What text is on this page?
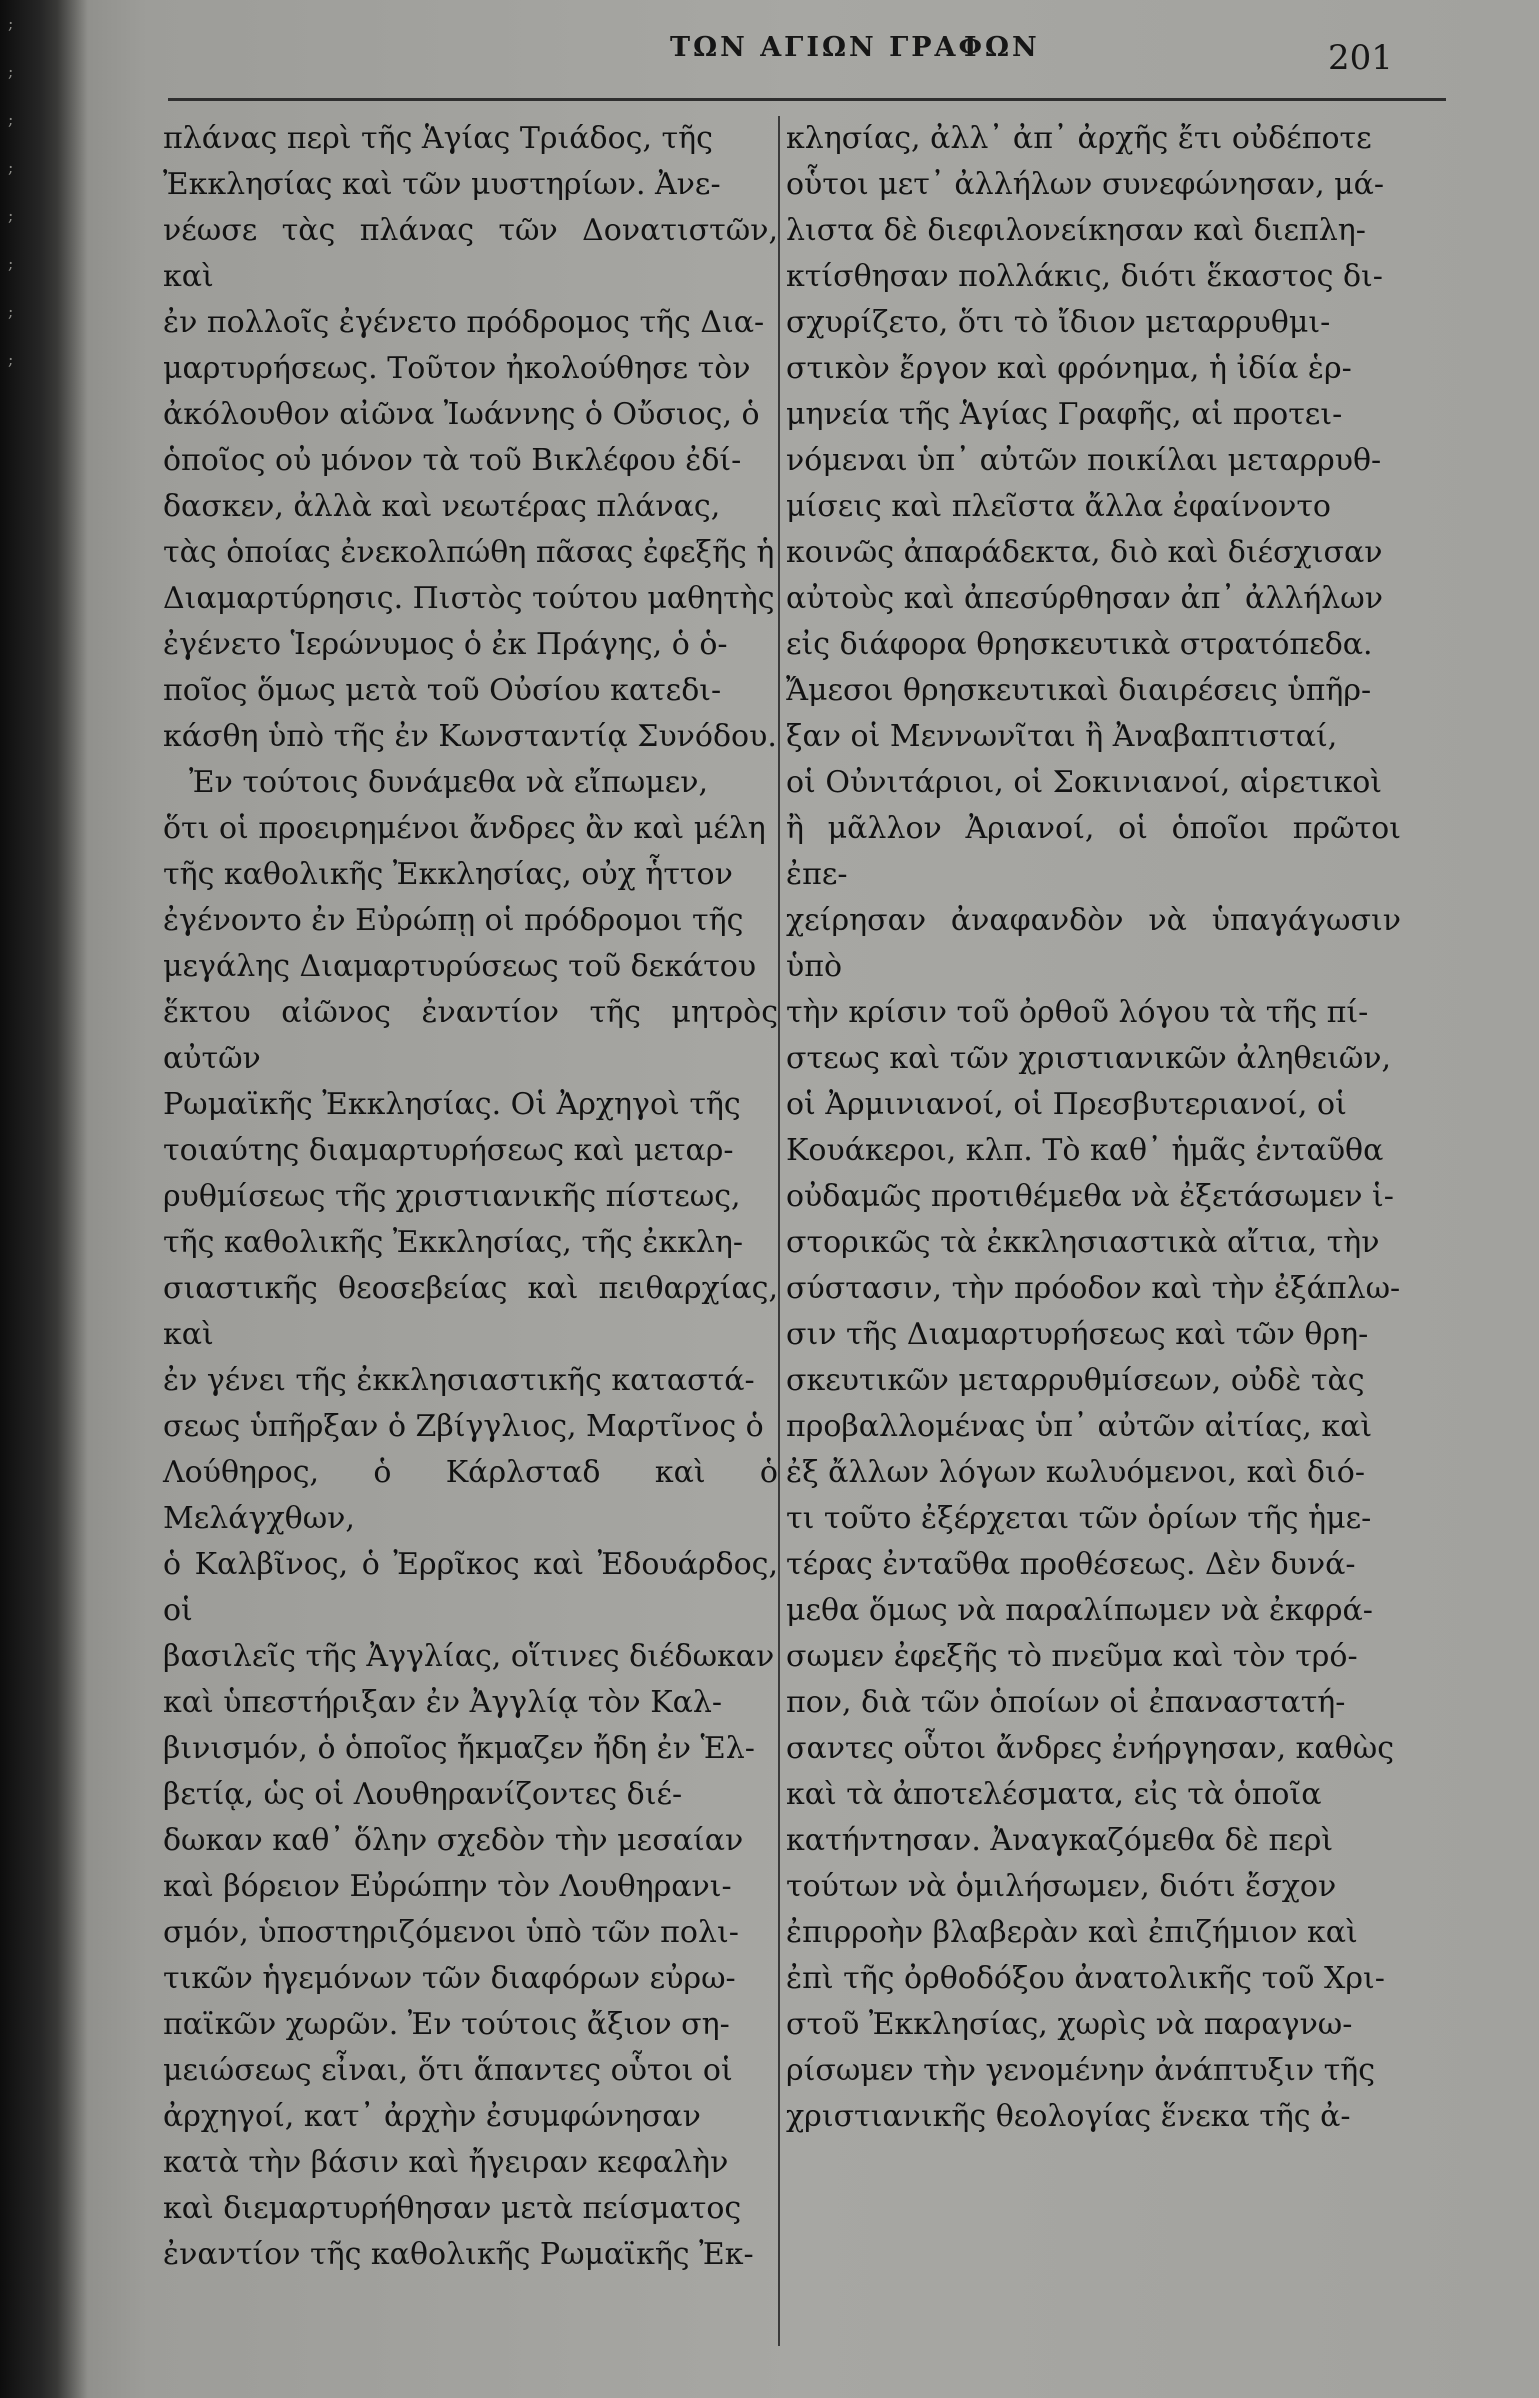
; ; ; ; ; ; ; ;
ΤΩΝ ΑΓΙΩΝ ΓΡΑΦΩΝ	201

πλάνας περὶ τῆς Ἁγίας Τριάδος, τῆς
Ἐκκλησίας καὶ τῶν μυστηρίων. Ἀνε-
νέωσε τὰς πλάνας τῶν Δονατιστῶν, καὶ
ἐν πολλοῖς ἐγένετο πρόδρομος τῆς Δια-
μαρτυρήσεως. Τοῦτον ἠκολούθησε τὸν
ἀκόλουθον αἰῶνα Ἰωάννης ὁ Οὔσιος, ὁ
ὁποῖος οὐ μόνον τὰ τοῦ Βικλέφου ἐδί-
δασκεν, ἀλλὰ καὶ νεωτέρας πλάνας,
τὰς ὁποίας ἐνεκολπώθη πᾶσας ἐφεξῆς ἡ
Διαμαρτύρησις. Πιστὸς τούτου μαθητὴς
ἐγένετο Ἱερώνυμος ὁ ἐκ Πράγης, ὁ ὁ-
ποῖος ὅμως μετὰ τοῦ Οὐσίου κατεδι-
κάσθη ὑπὸ τῆς ἐν Κωνσταντίᾳ Συνόδου.

Ἐν τούτοις δυνάμεθα νὰ εἴπωμεν,
ὅτι οἱ προειρημένοι ἄνδρες ἂν καὶ μέλη
τῆς καθολικῆς Ἐκκλησίας, οὐχ ἧττον
ἐγένοντο ἐν Εὐρώπῃ οἱ πρόδρομοι τῆς
μεγάλης Διαμαρτυρύσεως τοῦ δεκάτου
ἕκτου αἰῶνος ἐναντίον τῆς μητρὸς αὐτῶν
Ρωμαϊκῆς Ἐκκλησίας. Οἱ Ἀρχηγοὶ τῆς
τοιαύτης διαμαρτυρήσεως καὶ μεταρ-
ρυθμίσεως τῆς χριστιανικῆς πίστεως,
τῆς καθολικῆς Ἐκκλησίας, τῆς ἐκκλη-
σιαστικῆς θεοσεβείας καὶ πειθαρχίας, καὶ
ἐν γένει τῆς ἐκκλησιαστικῆς καταστά-
σεως ὑπῆρξαν ὁ Ζβίγγλιος, Μαρτῖνος ὁ
Λούθηρος, ὁ Κάρλσταδ καὶ ὁ Μελάγχθων,
ὁ Καλβῖνος, ὁ Ἐρρῖκος καὶ Ἐδουάρδος, οἱ
βασιλεῖς τῆς Ἀγγλίας, οἵτινες διέδωκαν
καὶ ὑπεστήριξαν ἐν Ἀγγλίᾳ τὸν Καλ-
βινισμόν, ὁ ὁποῖος ἤκμαζεν ἤδη ἐν Ἑλ-
βετίᾳ, ὡς οἱ Λουθηρανίζοντες διέ-
δωκαν καθ᾽ ὅλην σχεδὸν τὴν μεσαίαν
καὶ βόρειον Εὐρώπην τὸν Λουθηρανι-
σμόν, ὑποστηριζόμενοι ὑπὸ τῶν πολι-
τικῶν ἡγεμόνων τῶν διαφόρων εὐρω-
παϊκῶν χωρῶν. Ἐν τούτοις ἄξιον ση-
μειώσεως εἶναι, ὅτι ἅπαντες οὗτοι οἱ
ἀρχηγοί, κατ᾽ ἀρχὴν ἐσυμφώνησαν
κατὰ τὴν βάσιν καὶ ἤγειραν κεφαλὴν
καὶ διεμαρτυρήθησαν μετὰ πείσματος
ἐναντίον τῆς καθολικῆς Ρωμαϊκῆς Ἐκ-

κλησίας, ἀλλ᾽ ἀπ᾽ ἀρχῆς ἔτι οὐδέποτε
οὗτοι μετ᾽ ἀλλήλων συνεφώνησαν, μά-
λιστα δὲ διεφιλονείκησαν καὶ διεπλη-
κτίσθησαν πολλάκις, διότι ἕκαστος δι-
σχυρίζετο, ὅτι τὸ ἴδιον μεταρρυθμι-
στικὸν ἔργον καὶ φρόνημα, ἡ ἰδία ἑρ-
μηνεία τῆς Ἁγίας Γραφῆς, αἱ προτει-
νόμεναι ὑπ᾽ αὐτῶν ποικίλαι μεταρρυθ-
μίσεις καὶ πλεῖστα ἄλλα ἐφαίνοντο
κοινῶς ἀπαράδεκτα, διὸ καὶ διέσχισαν
αὐτοὺς καὶ ἀπεσύρθησαν ἀπ᾽ ἀλλήλων
εἰς διάφορα θρησκευτικὰ στρατόπεδα.

Ἄμεσοι θρησκευτικαὶ διαιρέσεις ὑπῆρ-
ξαν οἱ Μεννωνῖται ἢ Ἀναβαπτισταί,
οἱ Οὐνιτάριοι, οἱ Σοκινιανοί, αἱρετικοὶ
ἢ μᾶλλον Ἀριανοί, οἱ ὁποῖοι πρῶτοι ἐπε-
χείρησαν ἀναφανδὸν νὰ ὑπαγάγωσιν ὑπὸ
τὴν κρίσιν τοῦ ὀρθοῦ λόγου τὰ τῆς πί-
στεως καὶ τῶν χριστιανικῶν ἀληθειῶν,
οἱ Ἀρμινιανοί, οἱ Πρεσβυτεριανοί, οἱ
Κουάκεροι, κλπ. Τὸ καθ᾽ ἡμᾶς ἐνταῦθα
οὐδαμῶς προτιθέμεθα νὰ ἐξετάσωμεν ἱ-
στορικῶς τὰ ἐκκλησιαστικὰ αἴτια, τὴν
σύστασιν, τὴν πρόοδον καὶ τὴν ἐξάπλω-
σιν τῆς Διαμαρτυρήσεως καὶ τῶν θρη-
σκευτικῶν μεταρρυθμίσεων, οὐδὲ τὰς
προβαλλομένας ὑπ᾽ αὐτῶν αἰτίας, καὶ
ἐξ ἄλλων λόγων κωλυόμενοι, καὶ διό-
τι τοῦτο ἐξέρχεται τῶν ὁρίων τῆς ἡμε-
τέρας ἐνταῦθα προθέσεως. Δὲν δυνά-
μεθα ὅμως νὰ παραλίπωμεν νὰ ἐκφρά-
σωμεν ἐφεξῆς τὸ πνεῦμα καὶ τὸν τρό-
πον, διὰ τῶν ὁποίων οἱ ἐπαναστατή-
σαντες οὗτοι ἄνδρες ἐνήργησαν, καθὼς
καὶ τὰ ἀποτελέσματα, εἰς τὰ ὁποῖα
κατήντησαν. Ἀναγκαζόμεθα δὲ περὶ
τούτων νὰ ὁμιλήσωμεν, διότι ἔσχον
ἐπιρροὴν βλαβερὰν καὶ ἐπιζήμιον καὶ
ἐπὶ τῆς ὀρθοδόξου ἀνατολικῆς τοῦ Χρι-
στοῦ Ἐκκλησίας, χωρὶς νὰ παραγνω-
ρίσωμεν τὴν γενομένην ἀνάπτυξιν τῆς
χριστιανικῆς θεολογίας ἕνεκα τῆς ἀ-
